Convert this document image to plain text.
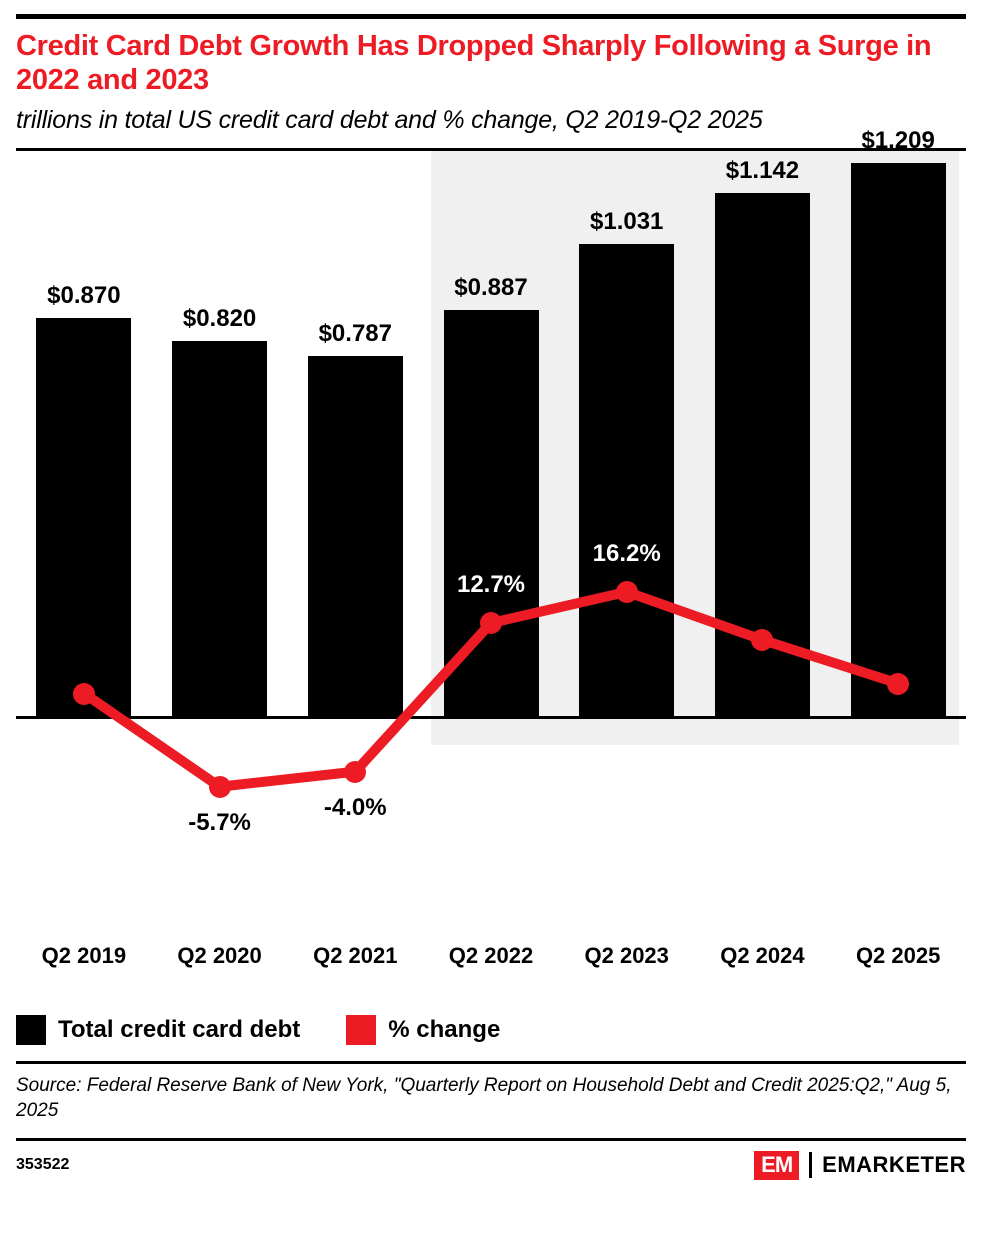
Credit Card Debt Growth Has Dropped Sharply Following a Surge in 2022 and 2023
trillions in total US credit card debt and % change, Q2 2019-Q2 2025
$0.870
$0.820
$0.787
$0.887
$1.031
$1.142
$1.209
4.8%
-5.7%
-4.0%
12.7%
16.2%
10.8%
5.9%
Q2 2019	Q2 2020	Q2 2021	Q2 2022	Q2 2023	Q2 2024	Q2 2025
Total credit card debt	% change
Source: Federal Reserve Bank of New York, "Quarterly Report on Household Debt and Credit 2025:Q2," Aug 5, 2025
353522	EM	EMARKETER
